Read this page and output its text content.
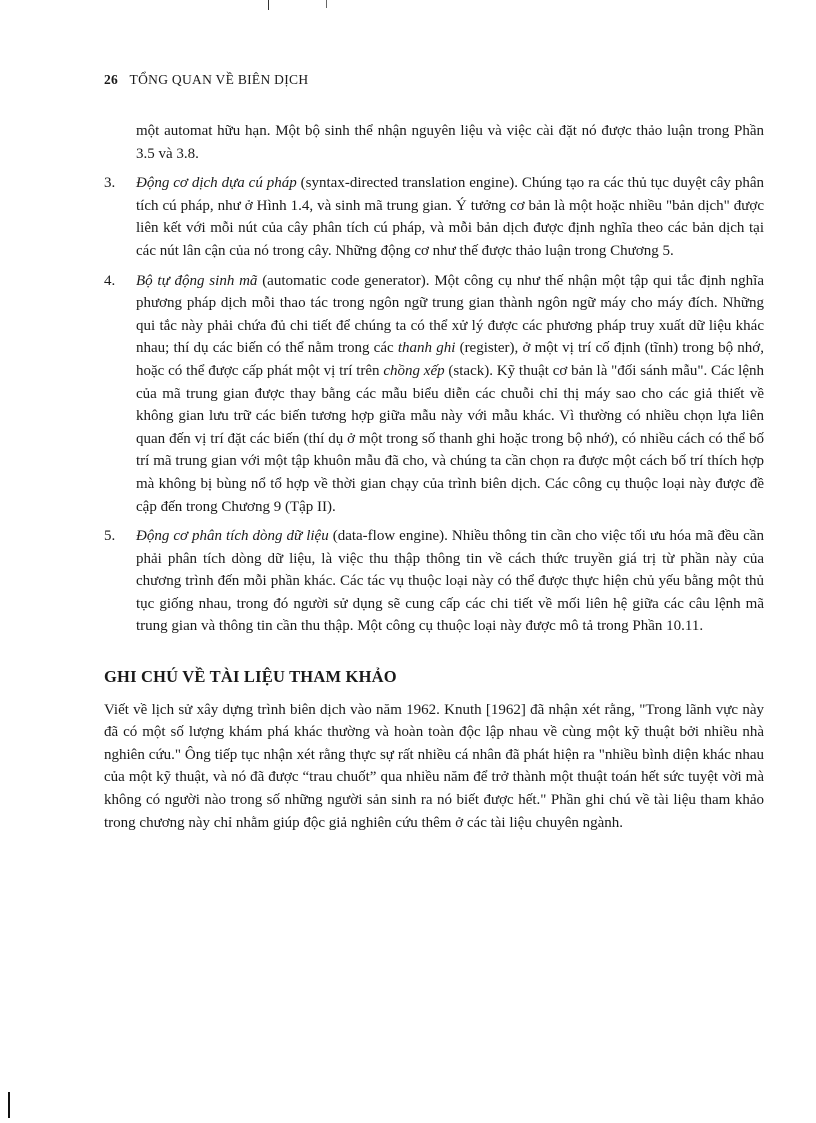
26 TỔNG QUAN VỀ BIÊN DỊCH

một automat hữu hạn. Một bộ sinh thể nhận nguyên liệu và việc cài đặt nó được thảo luận trong Phần 3.5 và 3.8.

3. Động cơ dịch dựa cú pháp (syntax-directed translation engine). Chúng tạo ra các thủ tục duyệt cây phân tích cú pháp, như ở Hình 1.4, và sinh mã trung gian. Ý tưởng cơ bản là một hoặc nhiều "bản dịch" được liên kết với mỗi nút của cây phân tích cú pháp, và mỗi bản dịch được định nghĩa theo các bản dịch tại các nút lân cận của nó trong cây. Những động cơ như thế được thảo luận trong Chương 5.
4. Bộ tự động sinh mã (automatic code generator). Một công cụ như thế nhận một tập qui tắc định nghĩa phương pháp dịch mỗi thao tác trong ngôn ngữ trung gian thành ngôn ngữ máy cho máy đích. Những qui tắc này phải chứa đủ chi tiết để chúng ta có thể xử lý được các phương pháp truy xuất dữ liệu khác nhau; thí dụ các biến có thể nằm trong các thanh ghi (register), ở một vị trí cố định (tĩnh) trong bộ nhớ, hoặc có thể được cấp phát một vị trí trên chồng xếp (stack). Kỹ thuật cơ bản là "đối sánh mẫu". Các lệnh của mã trung gian được thay bằng các mẫu biểu diễn các chuỗi chỉ thị máy sao cho các giả thiết về không gian lưu trữ các biến tương hợp giữa mẫu này với mẫu khác. Vì thường có nhiều chọn lựa liên quan đến vị trí đặt các biến (thí dụ ở một trong số thanh ghi hoặc trong bộ nhớ), có nhiều cách có thể bố trí mã trung gian với một tập khuôn mẫu đã cho, và chúng ta cần chọn ra được một cách bố trí thích hợp mà không bị bùng nổ tổ hợp về thời gian chạy của trình biên dịch. Các công cụ thuộc loại này được đề cập đến trong Chương 9 (Tập II).
5. Động cơ phân tích dòng dữ liệu (data-flow engine). Nhiều thông tin cần cho việc tối ưu hóa mã đều cần phải phân tích dòng dữ liệu, là việc thu thập thông tin về cách thức truyền giá trị từ phần này của chương trình đến mỗi phần khác. Các tác vụ thuộc loại này có thể được thực hiện chủ yếu bằng một thủ tục giống nhau, trong đó người sử dụng sẽ cung cấp các chi tiết về mối liên hệ giữa các câu lệnh mã trung gian và thông tin cần thu thập. Một công cụ thuộc loại này được mô tả trong Phần 10.11.
GHI CHÚ VỀ TÀI LIỆU THAM KHẢO

Viết về lịch sử xây dựng trình biên dịch vào năm 1962. Knuth [1962] đã nhận xét rằng, "Trong lãnh vực này đã có một số lượng khám phá khác thường và hoàn toàn độc lập nhau về cùng một kỹ thuật bởi nhiều nhà nghiên cứu." Ông tiếp tục nhận xét rằng thực sự rất nhiều cá nhân đã phát hiện ra "nhiều bình diện khác nhau của một kỹ thuật, và nó đã được “trau chuốt” qua nhiều năm để trở thành một thuật toán hết sức tuyệt vời mà không có người nào trong số những người sản sinh ra nó biết được hết." Phần ghi chú về tài liệu tham khảo trong chương này chỉ nhằm giúp độc giả nghiên cứu thêm ở các tài liệu chuyên ngành.
